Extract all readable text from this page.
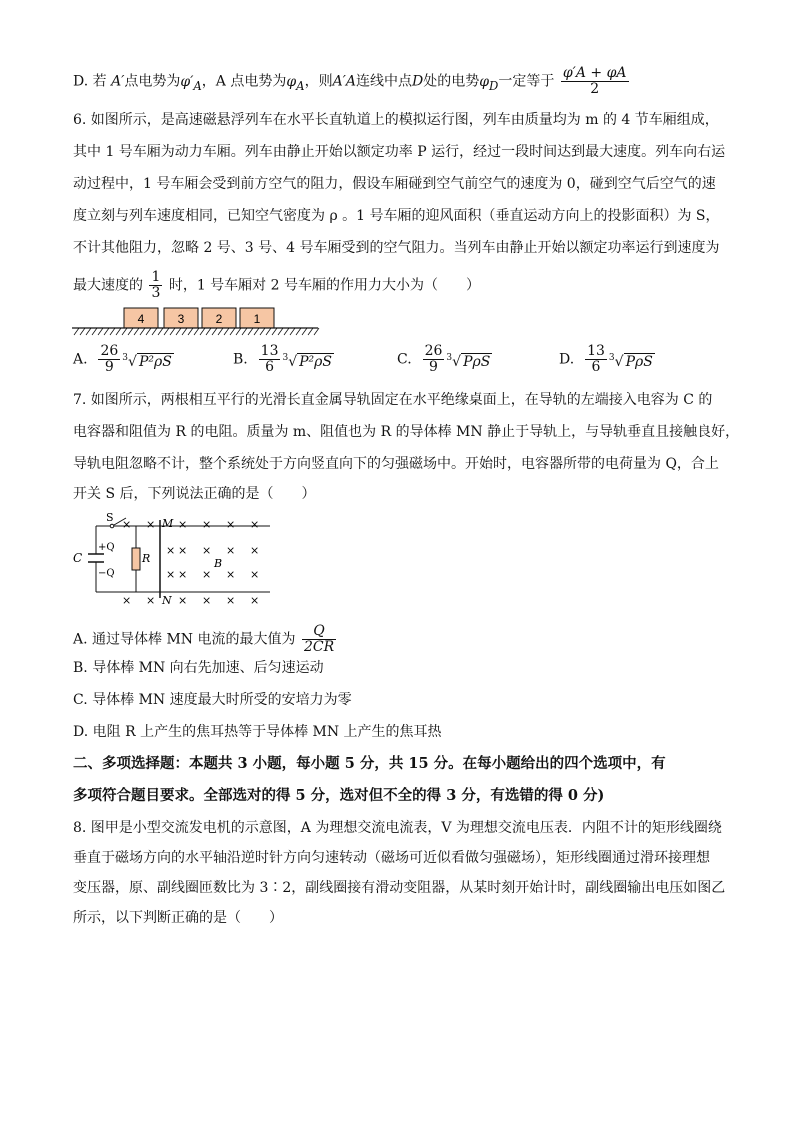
D. 若 A′点电势为$\varphi'_A$，A 点电势为$\varphi_A$，则A′A连线中点D处的电势$\varphi_D$一定等于 $\frac{\varphi'A + \varphi A}{2}$
6. 如图所示，是高速磁悬浮列车在水平长直轨道上的模拟运行图，列车由质量均为 m 的 4 节车厢组成，
其中 1 号车厢为动力车厢。列车由静止开始以额定功率 P 运行，经过一段时间达到最大速度。列车向右运
动过程中，1 号车厢会受到前方空气的阻力，假设车厢碰到空气前空气的速度为 0，碰到空气后空气的速
度立刻与列车速度相同，已知空气密度为 ρ 。1 号车厢的迎风面积（垂直运动方向上的投影面积）为 S，
不计其他阻力，忽略 2 号、3 号、4 号车厢受到的空气阻力。当列车由静止开始以额定功率运行到速度为
最大速度的 $\frac{1}{3}$ 时，1 号车厢对 2 号车厢的作用力大小为（　　）
4	3	2	1
A. $\frac{26}{9} ^3√$ P²ρS	B. $\frac{13}{6} ^3√$ P²ρS	C. $\frac{26}{9} ^3√$ PρS	D. $\frac{13}{6} ^3√$ PρS
7. 如图所示，两根相互平行的光滑长直金属导轨固定在水平绝缘桌面上，在导轨的左端接入电容为 C 的
电容器和阻值为 R 的电阻。质量为 m、阻值也为 R 的导体棒 MN 静止于导轨上，与导轨垂直且接触良好，
导轨电阻忽略不计，整个系统处于方向竖直向下的匀强磁场中。开始时，电容器所带的电荷量为 Q，合上
开关 S 后，下列说法正确的是（　　）
S	M
N
C
+Q
−Q
R	B
× × × ×
× × × ×
× × × ×
× × × ×
× ×
× ×
×
×
A. 通过导体棒 MN 电流的最大值为 $\frac{Q}{2CR}$
B. 导体棒 MN 向右先加速、后匀速运动
C. 导体棒 MN 速度最大时所受的安培力为零
D. 电阻 R 上产生的焦耳热等于导体棒 MN 上产生的焦耳热
二、多项选择题：本题共 3 小题，每小题 5 分，共 15 分。在每小题给出的四个选项中，有
多项符合题目要求。全部选对的得 5 分，选对但不全的得 3 分，有选错的得 0 分)
8. 图甲是小型交流发电机的示意图，A 为理想交流电流表，V 为理想交流电压表．内阻不计的矩形线圈绕
垂直于磁场方向的水平轴沿逆时针方向匀速转动（磁场可近似看做匀强磁场），矩形线圈通过滑环接理想
变压器，原、副线圈匝数比为 3∶2，副线圈接有滑动变阻器，从某时刻开始计时，副线圈输出电压如图乙
所示，以下判断正确的是（　　）
